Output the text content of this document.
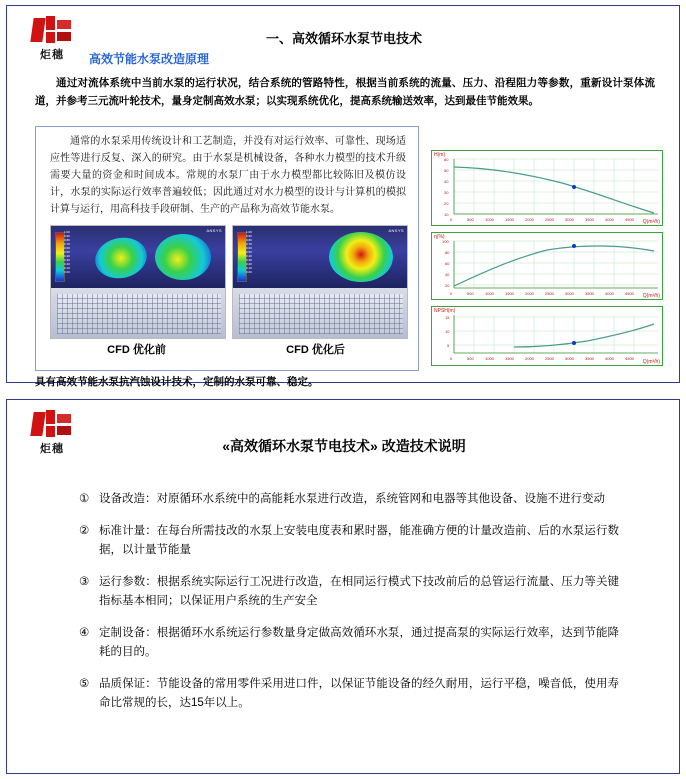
炬穗
一、高效循环水泵节电技术
高效节能水泵改造原理
通过对流体系统中当前水泵的运行状况，结合系统的管路特性，根据当前系统的流量、压力、沿程阻力等参数，重新设计泵体流道，并参考三元流叶轮技术，量身定制高效水泵；以实现系统优化，提高系统输送效率，达到最佳节能效果。
通常的水泵采用传统设计和工艺制造，并没有对运行效率、可靠性、现场适应性等进行反复、深入的研究。由于水泵是机械设备，各种水力模型的技术升级需要大量的资金和时间成本。常规的水泵厂由于水力模型都比较陈旧及模仿设计，水泵的实际运行效率普遍较低；因此通过对水力模型的设计与计算机的模拟计算与运行，用高科技手段研制、生产的产品称为高效节能水泵。
1.00
0.90
0.80
0.70
0.60
0.50
0.40
0.30
0.20
0.10
0.00
ANSYS	1.00
0.90
0.80
0.70
0.60
0.50
0.40
0.30
0.20
0.10
0.00
ANSYS
CFD 优化前	CFD 优化后
具有高效节能水泵抗汽蚀设计技术，定制的水泵可靠、稳定。
H(m)
60
50
40
30
20
10
0	500	1000	1500	2000	2500	3000	3500	4000	4500 Q(m³/h)
η(%)
100
80
60
40
20
0	500	1000	1500	2000	2500	3000	3500	4000	4500 Q(m³/h)
NPSH(m)
15
10
5
0	500	1000	1500	2000	2500	3000	3500	4000	4500
Q(m³/h)
炬穗	«高效循环水泵节电技术» 改造技术说明
① 设备改造：对原循环水系统中的高能耗水泵进行改造，系统管网和电器等其他设备、设施不进行变动
② 标准计量：在每台所需技改的水泵上安装电度表和累时器，能准确方便的计量改造前、后的水泵运行数据，以计量节能量
③ 运行参数：根据系统实际运行工况进行改造，在相同运行模式下技改前后的总管运行流量、压力等关键指标基本相同；以保证用户系统的生产安全
④ 定制设备：根据循环水系统运行参数量身定做高效循环水泵，通过提高泵的实际运行效率，达到节能降耗的目的。
⑤ 品质保证：节能设备的常用零件采用进口件，以保证节能设备的经久耐用，运行平稳，噪音低，使用寿命比常规的长，达15年以上。
